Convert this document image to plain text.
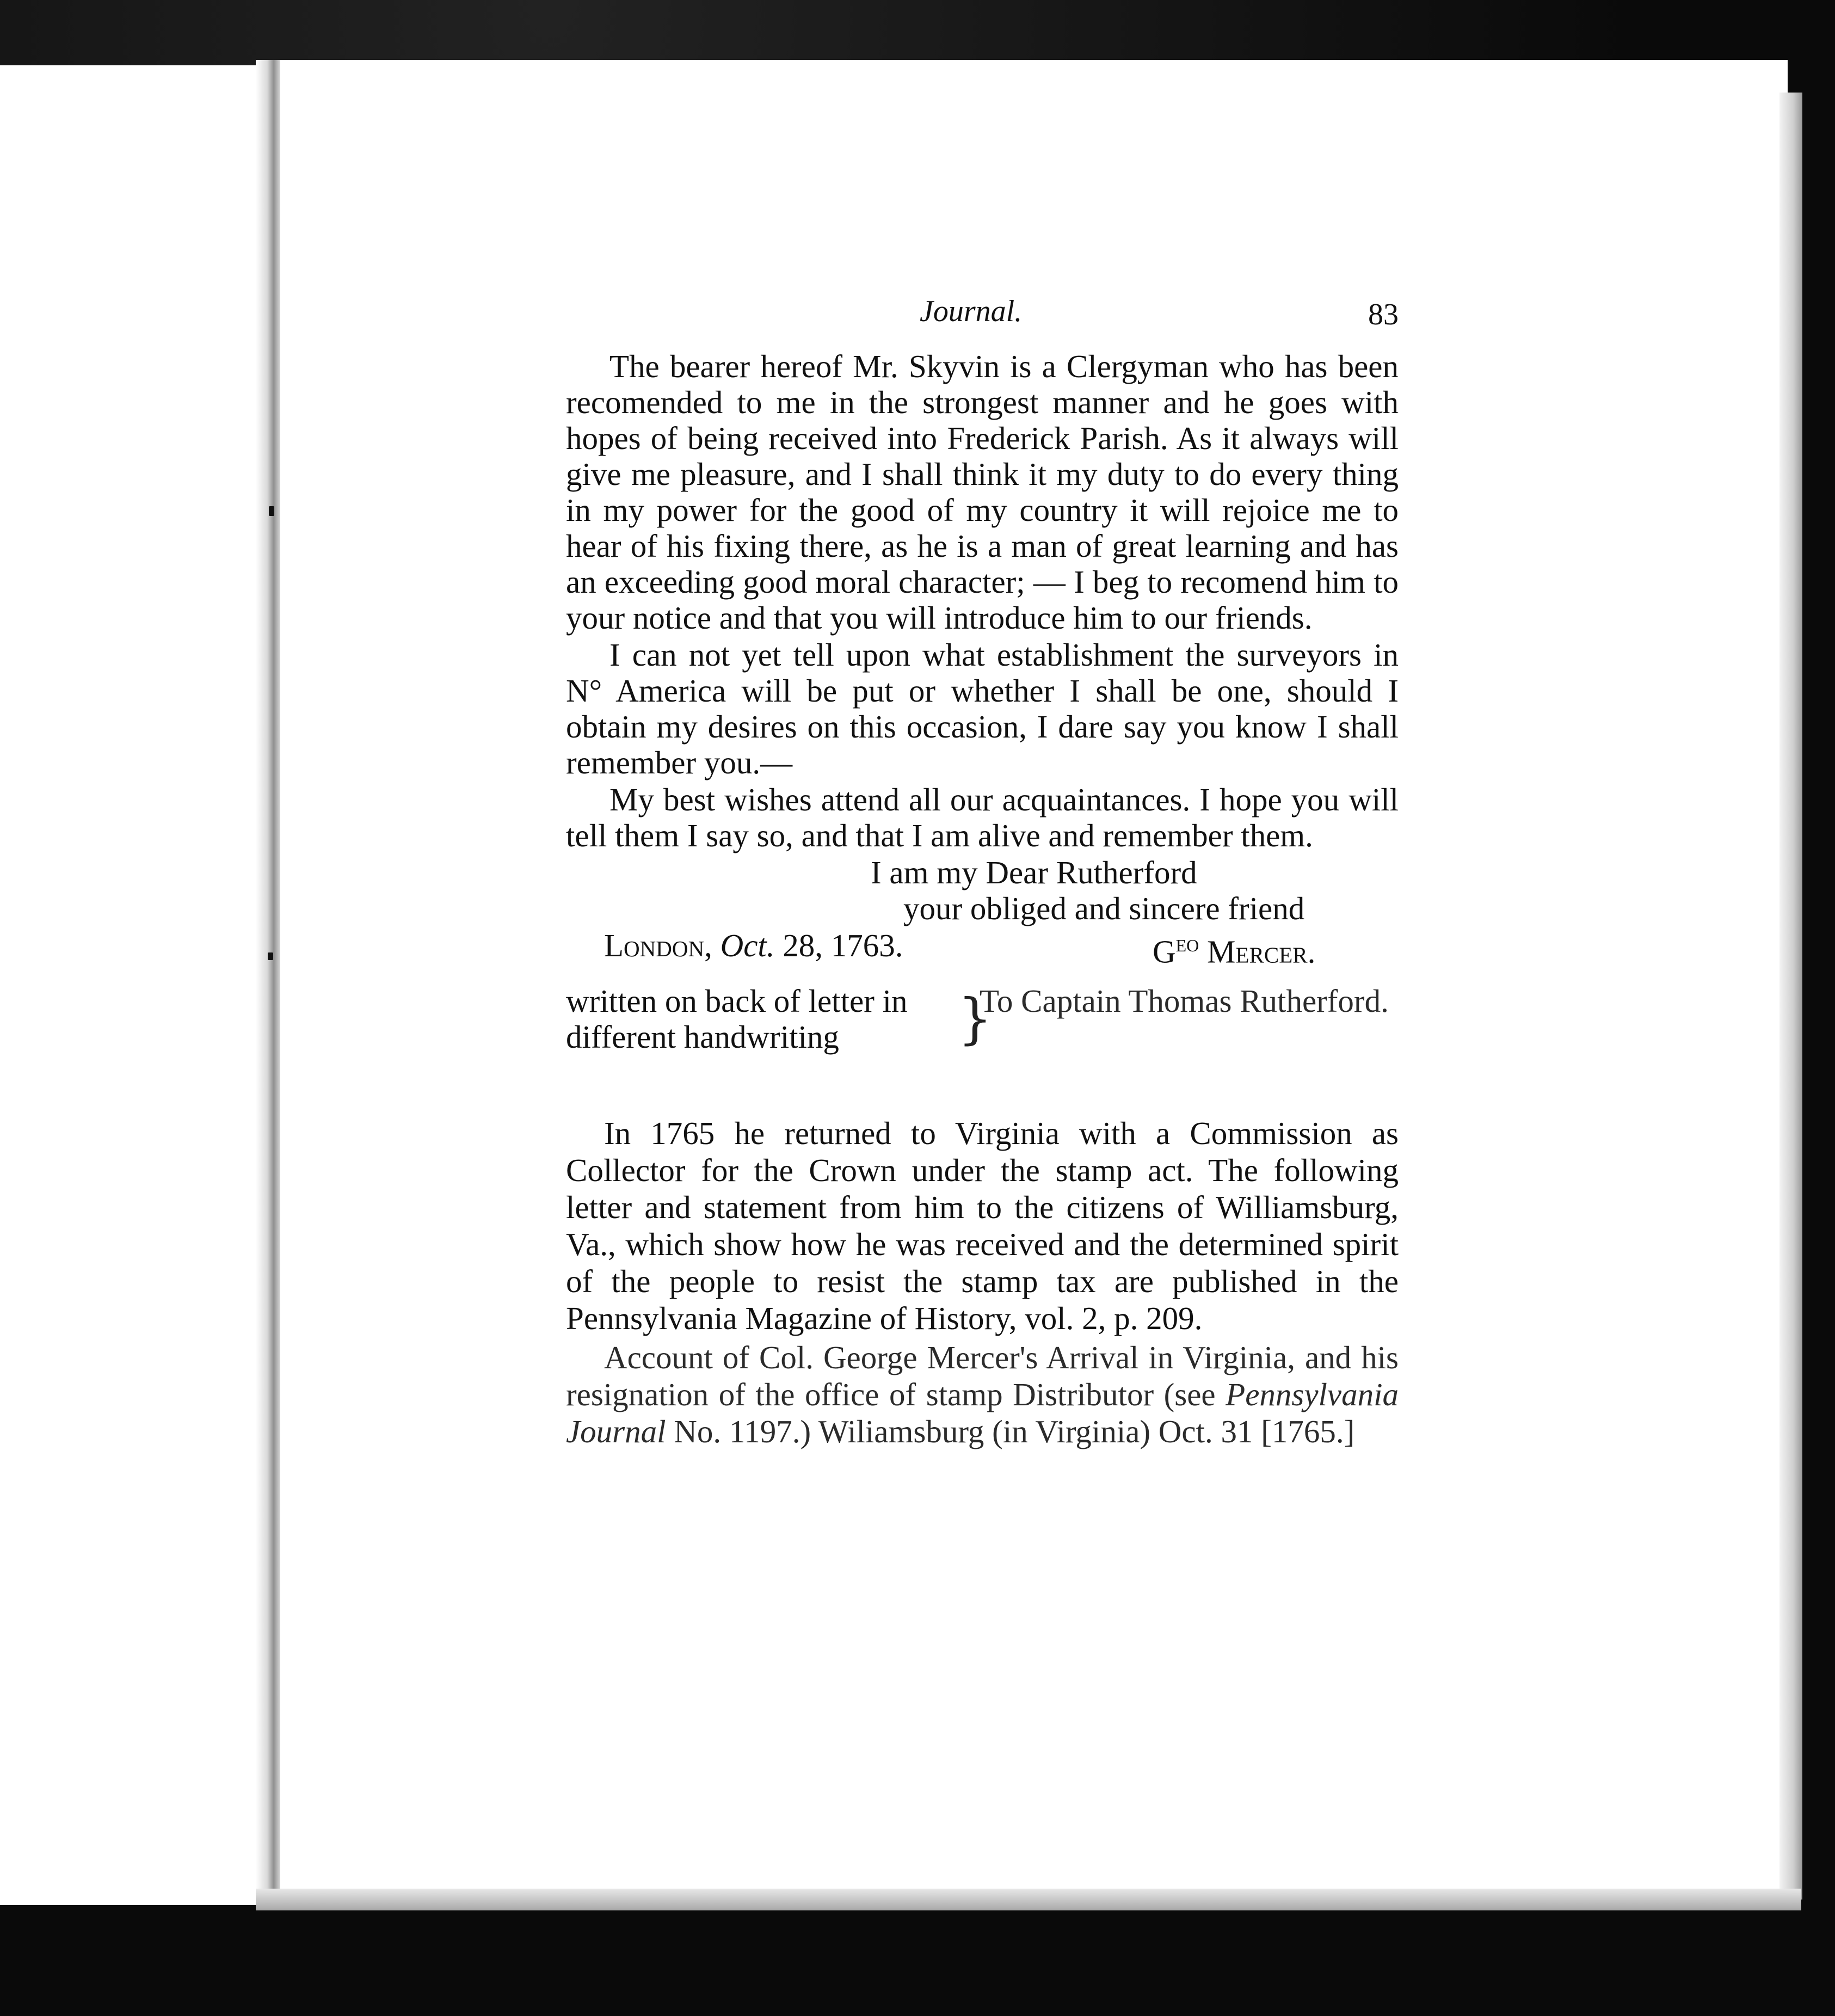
Journal.	83

The bearer hereof Mr. Skyvin is a Clergyman who has been recomended to me in the strongest manner and he goes with hopes of being received into Frederick Parish. As it always will give me pleasure, and I shall think it my duty to do every thing in my power for the good of my country it will rejoice me to hear of his fixing there, as he is a man of great learning and has an exceeding good moral character; — I beg to recomend him to your notice and that you will introduce him to our friends.

I can not yet tell upon what establishment the surveyors in N° America will be put or whether I shall be one, should I obtain my desires on this occasion, I dare say you know I shall remember you.—

My best wishes attend all our acquaintances. I hope you will tell them I say so, and that I am alive and remember them.

I am my Dear Rutherford
your obliged and sincere friend
London, Oct. 28, 1763.	$G^{EO}$ Mercer.
written on back of letter in different handwriting	}
To Captain Thomas Rutherford.

In 1765 he returned to Virginia with a Commission as Collector for the Crown under the stamp act. The following letter and statement from him to the citizens of Williamsburg, Va., which show how he was received and the determined spirit of the people to resist the stamp tax are published in the Pennsylvania Magazine of History, vol. 2, p. 209.

Account of Col. George Mercer's Arrival in Virginia, and his resignation of the office of stamp Distributor (see Pennsylvania Journal No. 1197.) Wiliamsburg (in Virginia) Oct. 31 [1765.]
